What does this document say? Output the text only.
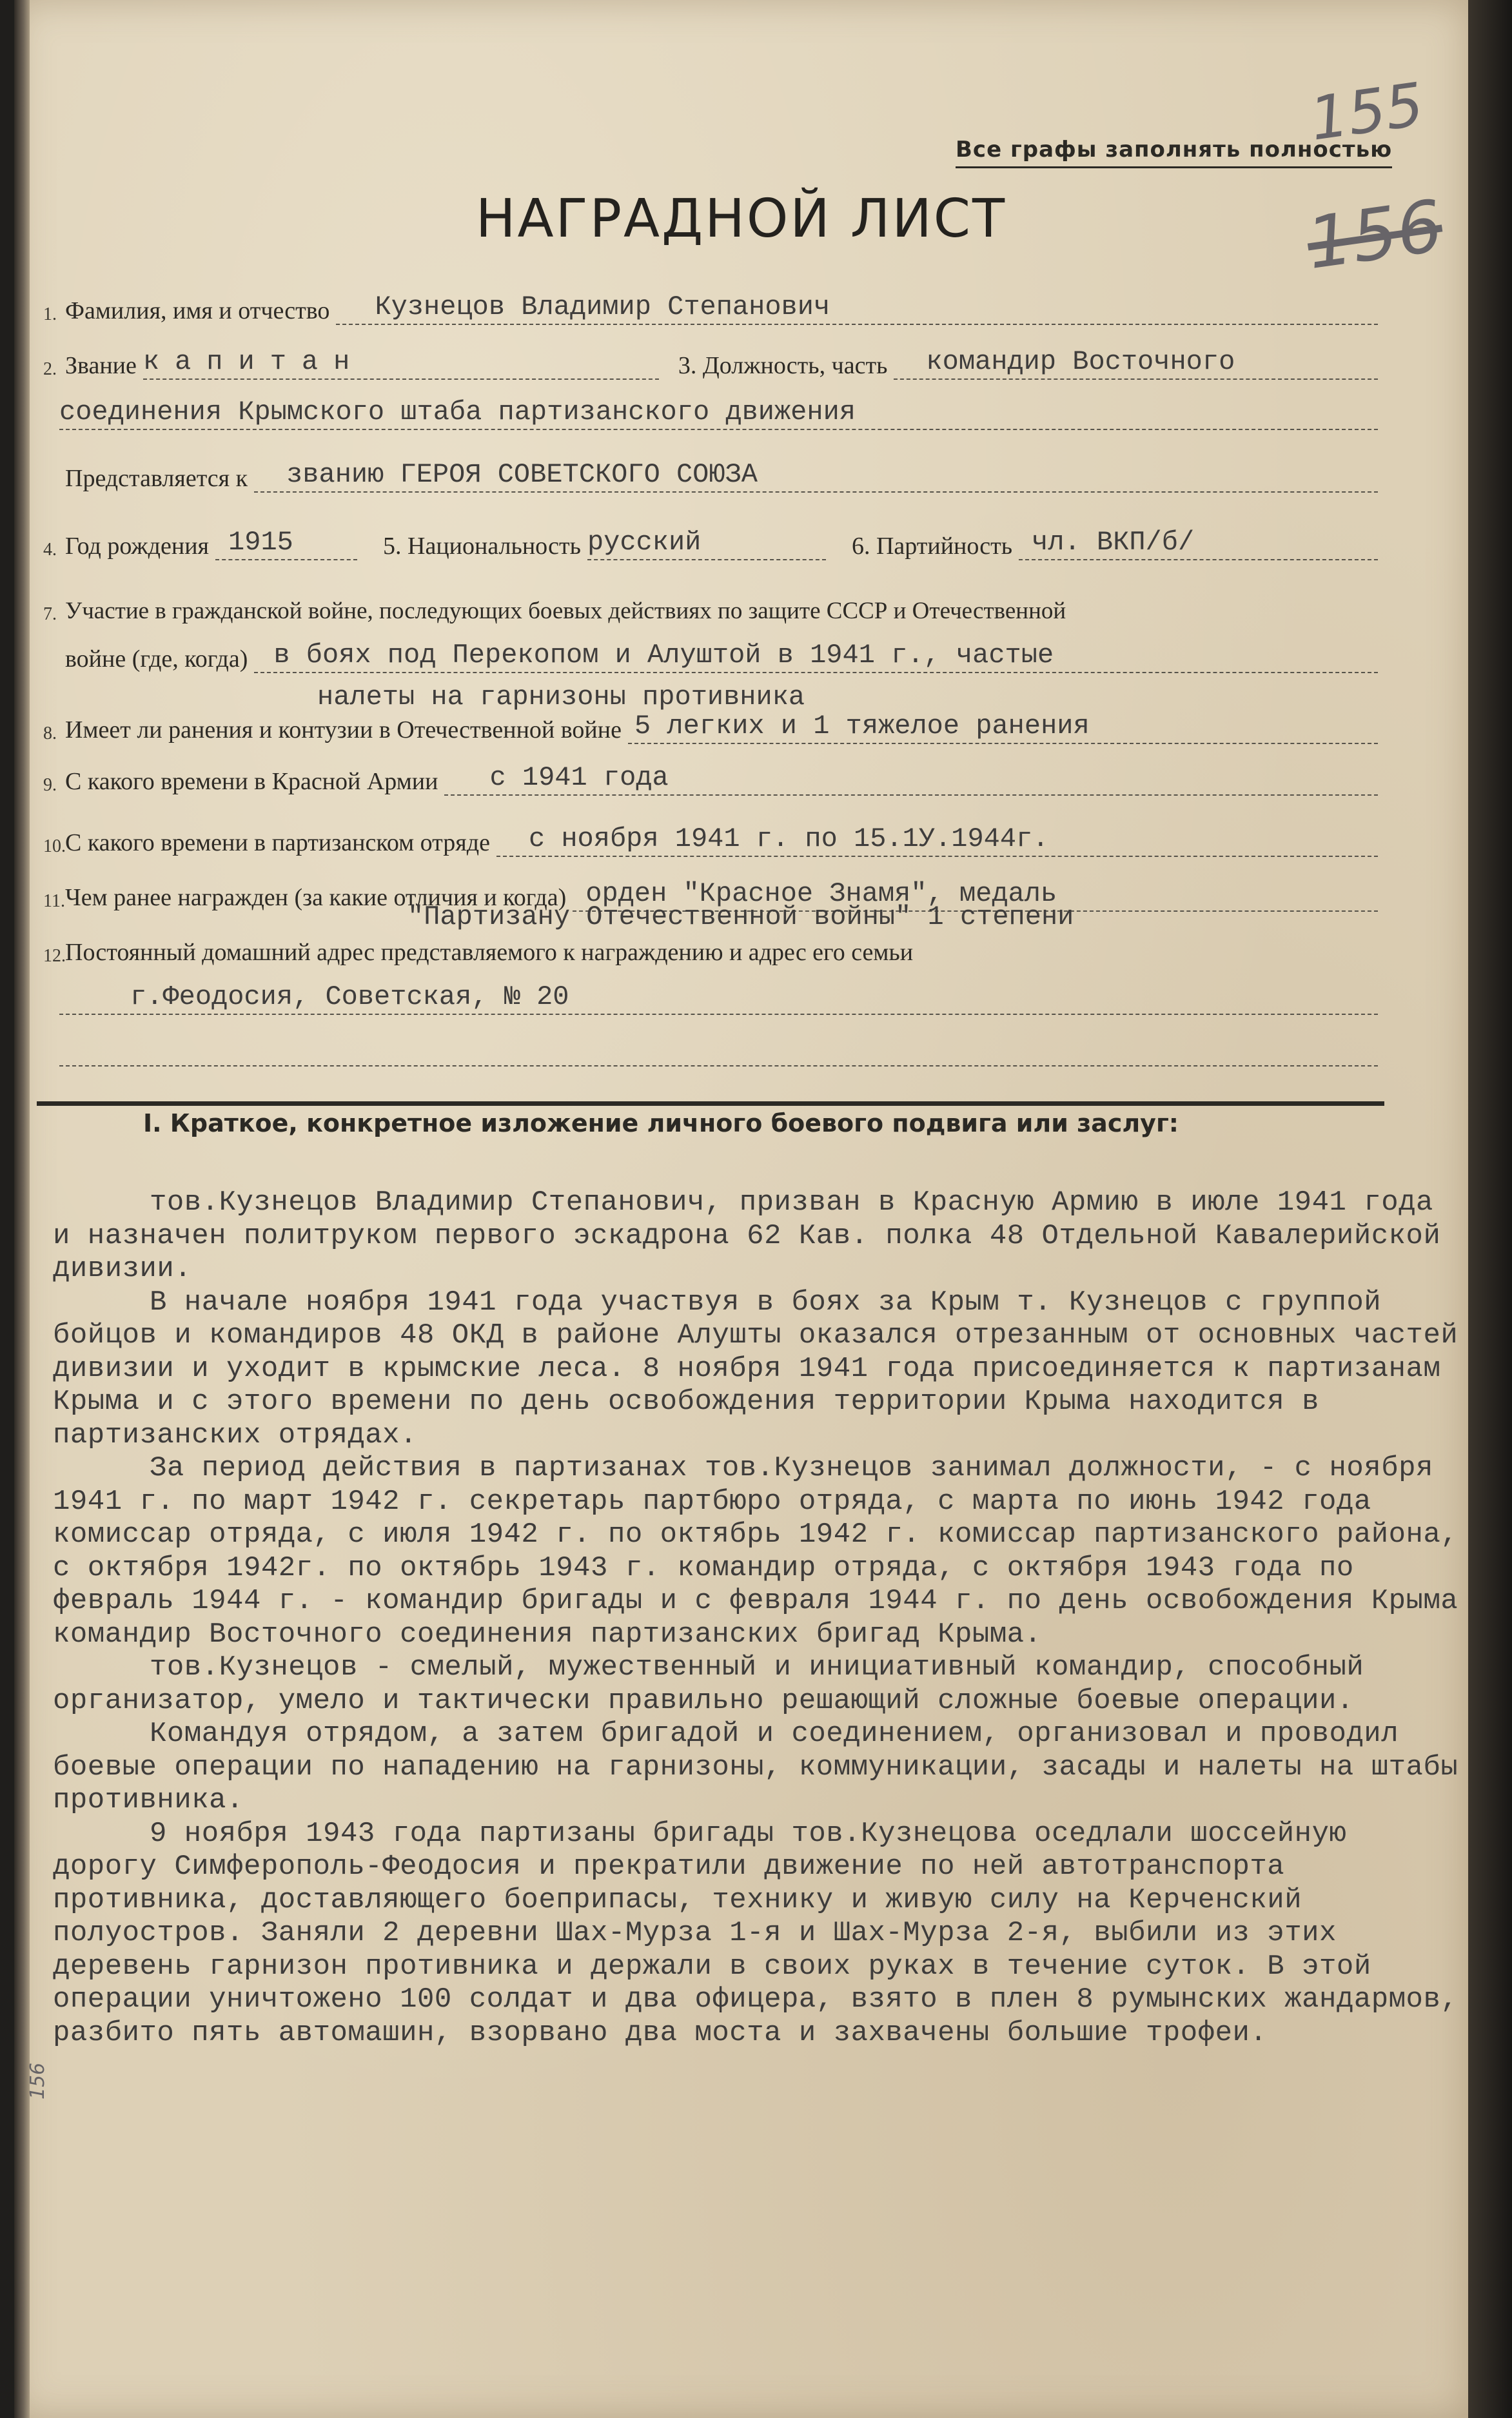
155
156
156
Все графы заполнять полностью
НАГРАДНОЙ ЛИСТ
1. Фамилия, имя и отчество	Кузнецов Владимир Степанович
2. Звание капитан	3. Должность, часть	командир Восточного
соединения Крымского штаба партизанского движения
Представляется к	званию ГЕРОЯ СОВЕТСКОГО СОЮЗА
4. Год рождения 1915	5. Национальность русский	6. Партийность чл. ВКП/б/
7. Участие в гражданской войне, последующих боевых действиях по защите СССР и Отечественной
войне (где, когда) в боях под Перекопом и Алуштой в 1941 г., частые
налеты на гарнизоны противника
8. Имеет ли ранения и контузии в Отечественной войне 5 легких и 1 тяжелое ранения
9. С какого времени в Красной Армии	с 1941 года
10. С какого времени в партизанском отряде	с ноября 1941 г. по 15.1У.1944г.
11. Чем ранее награжден (за какие отличия и когда) орден "Красное Знамя", медаль
"Партизану Отечественной войны" 1 степени
12. Постоянный домашний адрес представляемого к награждению и адрес его семьи
г.Феодосия, Советская, № 20
I. Краткое, конкретное изложение личного боевого подвига или заслуг:

тов.Кузнецов Владимир Степанович, призван в Красную Армию в июле 1941 года и назначен политруком первого эскадрона 62 Кав. полка 48 Отдельной Кавалерийской дивизии.

В начале ноября 1941 года участвуя в боях за Крым т. Кузнецов с группой бойцов и командиров 48 ОКД в районе Алушты оказался отрезанным от основных частей дивизии и уходит в крымские леса. 8 ноября 1941 года присоединяется к партизанам Крыма и с этого времени по день освобождения территории Крыма находится в партизанских отрядах.

За период действия в партизанах тов.Кузнецов занимал должности, - с ноября 1941 г. по март 1942 г. секретарь партбюро отряда, с марта по июнь 1942 года комиссар отряда, с июля 1942 г. по октябрь 1942 г. комиссар партизанского района, с октября 1942г. по октябрь 1943 г. командир отряда, с октября 1943 года по февраль 1944 г. - командир бригады и с февраля 1944 г. по день освобождения Крыма командир Восточного соединения партизанских бригад Крыма.

тов.Кузнецов - смелый, мужественный и инициативный командир, способный организатор, умело и тактически правильно решающий сложные боевые операции.

Командуя отрядом, а затем бригадой и соединением, организовал и проводил боевые операции по нападению на гарнизоны, коммуникации, засады и налеты на штабы противника.

9 ноября 1943 года партизаны бригады тов.Кузнецова оседлали шоссейную дорогу Симферополь-Феодосия и прекратили движение по ней автотранспорта противника, доставляющего боеприпасы, технику и живую силу на Керченский полуостров. Заняли 2 деревни Шах-Мурза 1-я и Шах-Мурза 2-я, выбили из этих деревень гарнизон противника и держали в своих руках в течение суток. В этой операции уничтожено 100 солдат и два офицера, взято в плен 8 румынских жандармов, разбито пять автомашин, взорвано два моста и захвачены большие трофеи.
